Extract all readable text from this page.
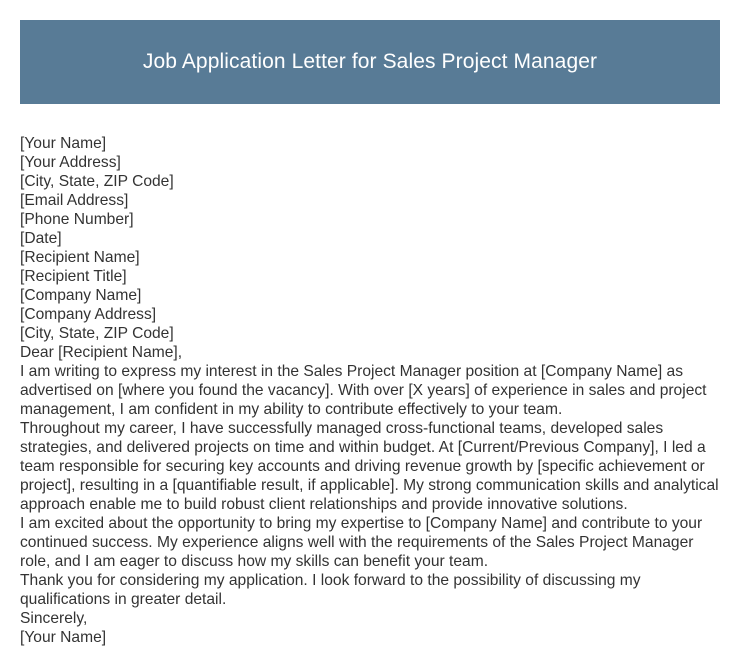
Job Application Letter for Sales Project Manager
[Your Name]
[Your Address]
[City, State, ZIP Code]
[Email Address]
[Phone Number]
[Date]
[Recipient Name]
[Recipient Title]
[Company Name]
[Company Address]
[City, State, ZIP Code]
Dear [Recipient Name],

I am writing to express my interest in the Sales Project Manager position at [Company Name] as advertised on [where you found the vacancy]. With over [X years] of experience in sales and project management, I am confident in my ability to contribute effectively to your team.

Throughout my career, I have successfully managed cross-functional teams, developed sales strategies, and delivered projects on time and within budget. At [Current/Previous Company], I led a team responsible for securing key accounts and driving revenue growth by [specific achievement or project], resulting in a [quantifiable result, if applicable]. My strong communication skills and analytical approach enable me to build robust client relationships and provide innovative solutions.

I am excited about the opportunity to bring my expertise to [Company Name] and contribute to your continued success. My experience aligns well with the requirements of the Sales Project Manager role, and I am eager to discuss how my skills can benefit your team.

Thank you for considering my application. I look forward to the possibility of discussing my qualifications in greater detail.

Sincerely,
[Your Name]
